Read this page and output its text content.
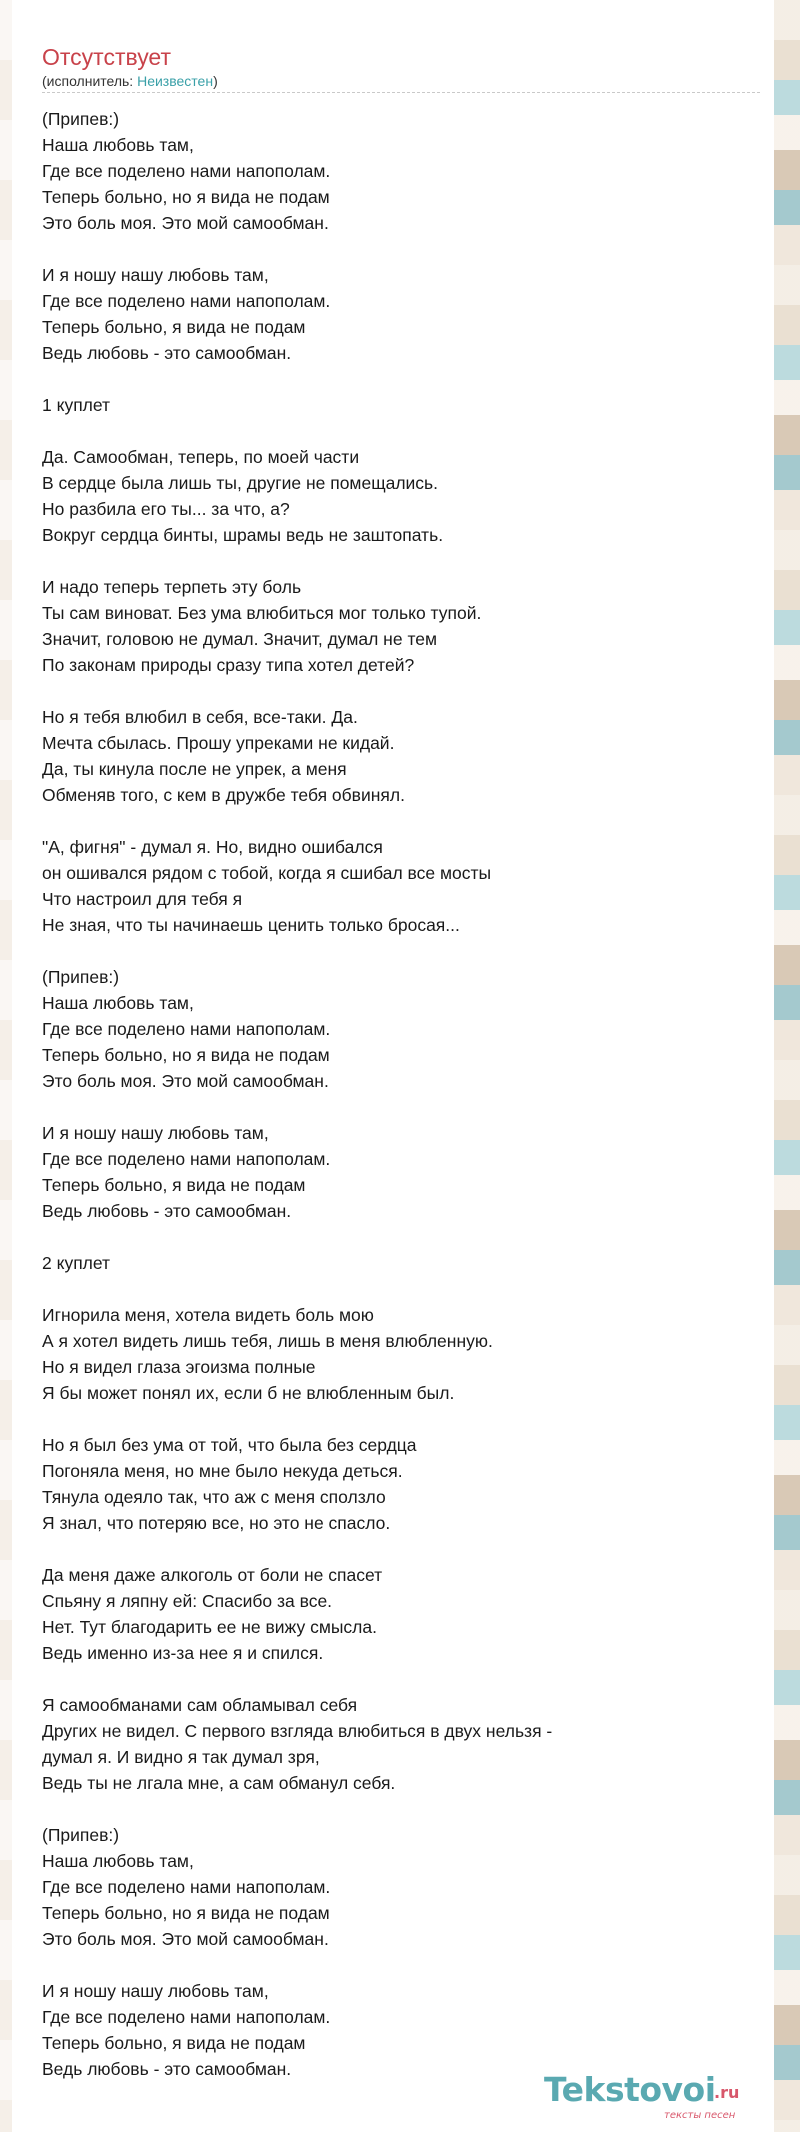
Отсутствует
(исполнитель: Неизвестен)
(Припев:)
Наша любовь там,
Где все поделено нами напополам.
Теперь больно, но я вида не подам
Это боль моя. Это мой самообман.
И я ношу нашу любовь там,
Где все поделено нами напополам.
Теперь больно, я вида не подам
Ведь любовь - это самообман.
1 куплет
Да. Самообман, теперь, по моей части
В сердце была лишь ты, другие не помещались.
Но разбила его ты... за что, а?
Вокруг сердца бинты, шрамы ведь не заштопать.
И надо теперь терпеть эту боль
Ты сам виноват. Без ума влюбиться мог только тупой.
Значит, головою не думал. Значит, думал не тем
По законам природы сразу типа хотел детей?
Но я тебя влюбил в себя, все-таки. Да.
Мечта сбылась. Прошу упреками не кидай.
Да, ты кинула после не упрек, а меня
Обменяв того, с кем в дружбе тебя обвинял.
"А, фигня" - думал я. Но, видно ошибался
он ошивался рядом с тобой, когда я сшибал все мосты
Что настроил для тебя я
Не зная, что ты начинаешь ценить только бросая...
(Припев:)
Наша любовь там,
Где все поделено нами напополам.
Теперь больно, но я вида не подам
Это боль моя. Это мой самообман.
И я ношу нашу любовь там,
Где все поделено нами напополам.
Теперь больно, я вида не подам
Ведь любовь - это самообман.
2 куплет
Игнорила меня, хотела видеть боль мою
А я хотел видеть лишь тебя, лишь в меня влюбленную.
Но я видел глаза эгоизма полные
Я бы может понял их, если б не влюбленным был.
Но я был без ума от той, что была без сердца
Погоняла меня, но мне было некуда деться.
Тянула одеяло так, что аж с меня сползло
Я знал, что потеряю все, но это не спасло.
Да меня даже алкоголь от боли не спасет
Спьяну я ляпну ей: Спасибо за все.
Нет. Тут благодарить ее не вижу смысла.
Ведь именно из-за нее я и спился.
Я самообманами сам обламывал себя
Других не видел. С первого взгляда влюбиться в двух нельзя -
думал я. И видно я так думал зря,
Ведь ты не лгала мне, а сам обманул себя.
(Припев:)
Наша любовь там,
Где все поделено нами напополам.
Теперь больно, но я вида не подам
Это боль моя. Это мой самообман.
И я ношу нашу любовь там,
Где все поделено нами напополам.
Теперь больно, я вида не подам
Ведь любовь - это самообман.
Tekstovoi
.ru
тексты песен
